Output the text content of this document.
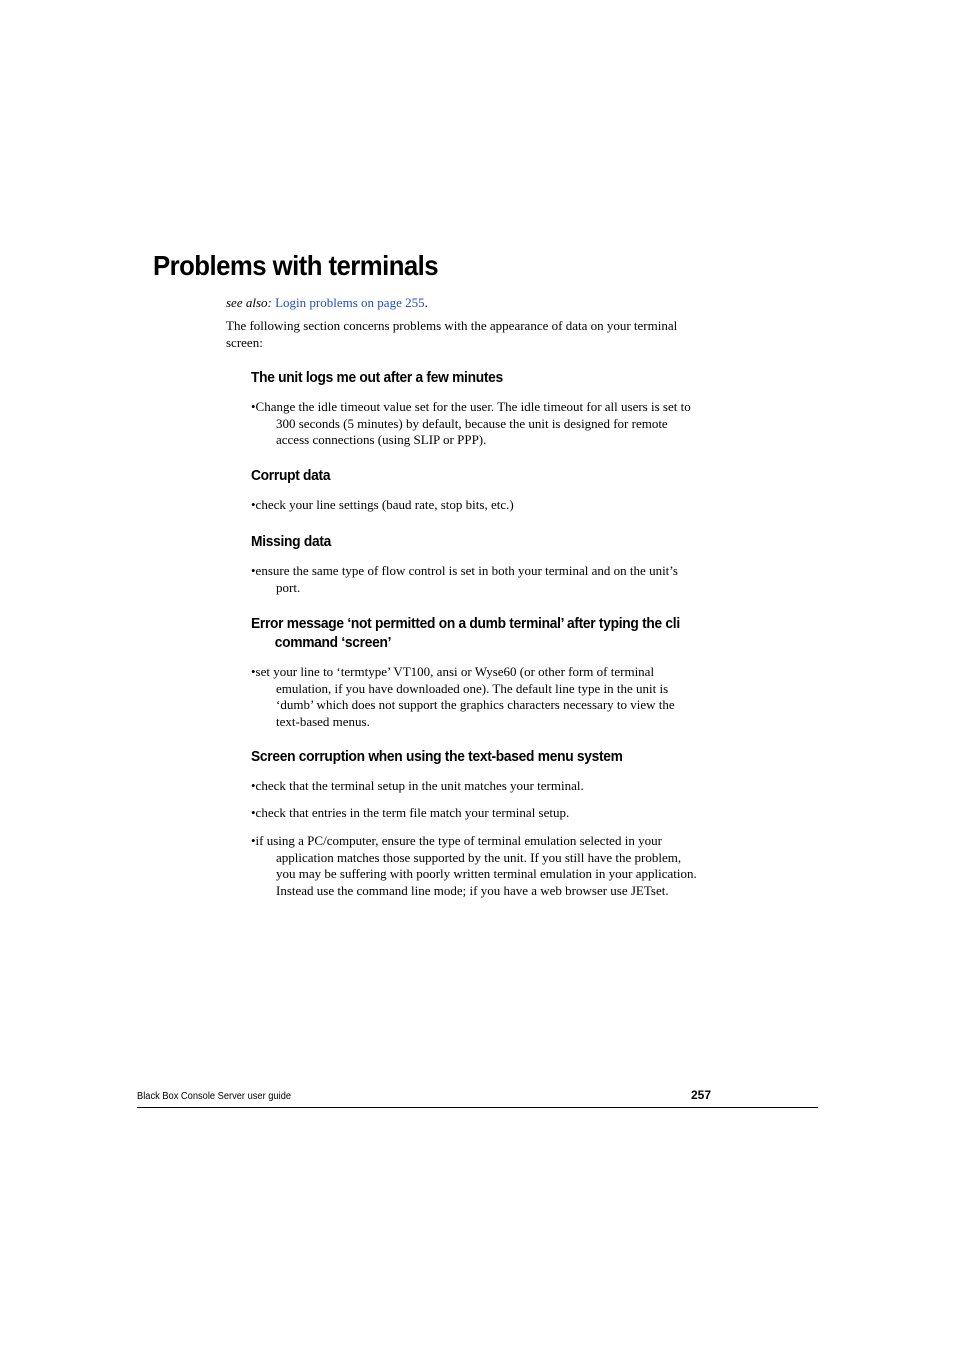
Problems with terminals

see also: Login problems on page 255.

The following section concerns problems with the appearance of data on your terminal screen:

The unit logs me out after a few minutes

•Change the idle timeout value set for the user. The idle timeout for all users is set to 300 seconds (5 minutes) by default, because the unit is designed for remote access connections (using SLIP or PPP).

Corrupt data

•check your line settings (baud rate, stop bits, etc.)

Missing data

•ensure the same type of flow control is set in both your terminal and on the unit’s port.

Error message ‘not permitted on a dumb terminal’ after typing the cli
command ‘screen’

•set your line to ‘termtype’ VT100, ansi or Wyse60 (or other form of terminal emulation, if you have downloaded one). The default line type in the unit is ‘dumb’ which does not support the graphics characters necessary to view the text-based menus.

Screen corruption when using the text-based menu system

•check that the terminal setup in the unit matches your terminal.

•check that entries in the term file match your terminal setup.

•if using a PC/computer, ensure the type of terminal emulation selected in your application matches those supported by the unit. If you still have the problem, you may be suffering with poorly written terminal emulation in your application. Instead use the command line mode; if you have a web browser use JETset.

Black Box Console Server user guide	257
